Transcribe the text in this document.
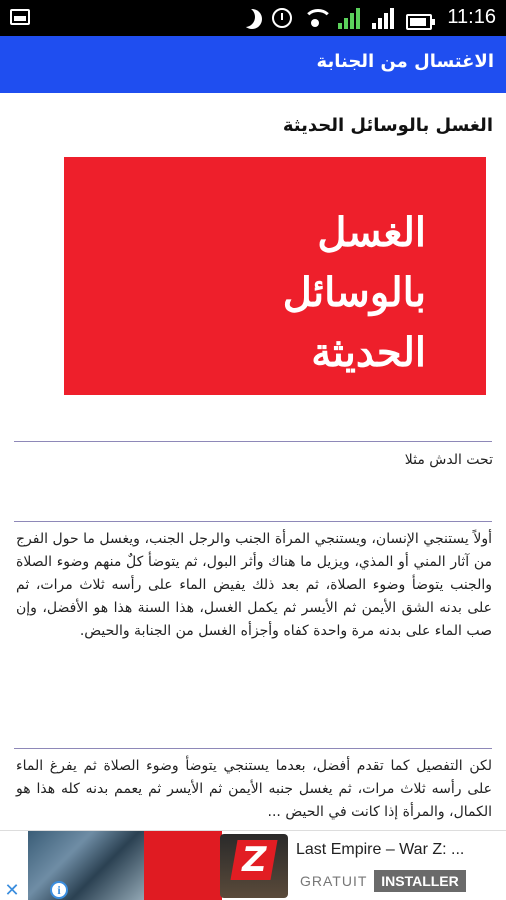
11:16
الاغتسال من الجنابة
الغسل بالوسائل الحديثة
الغسل
بالوسائل
الحديثة
تحت الدش مثلا
أولاً يستنجي الإنسان، ويستنجي المرأة الجنب والرجل الجنب، ويغسل ما حول الفرج من آثار المني أو المذي، ويزيل ما هناك وأثر البول، ثم يتوضأ كلٌ منهم وضوء الصلاة والجنب يتوضأ وضوء الصلاة، ثم بعد ذلك يفيض الماء على رأسه ثلاث مرات، ثم على بدنه الشق الأيمن ثم الأيسر ثم يكمل الغسل، هذا السنة هذا هو الأفضل، وإن صب الماء على بدنه مرة واحدة كفاه وأجزأه الغسل من الجنابة والحيض.
لكن التفصيل كما تقدم أفضل، بعدما يستنجي يتوضأ وضوء الصلاة ثم يفرغ الماء على رأسه ثلاث مرات، ثم يغسل جنبه الأيمن ثم الأيسر ثم يعمم بدنه كله هذا هو الكمال، والمرأة إذا كانت في الحيض ...
Z	Last Empire – War Z: ...
GRATUIT INSTALLER
✕	i
